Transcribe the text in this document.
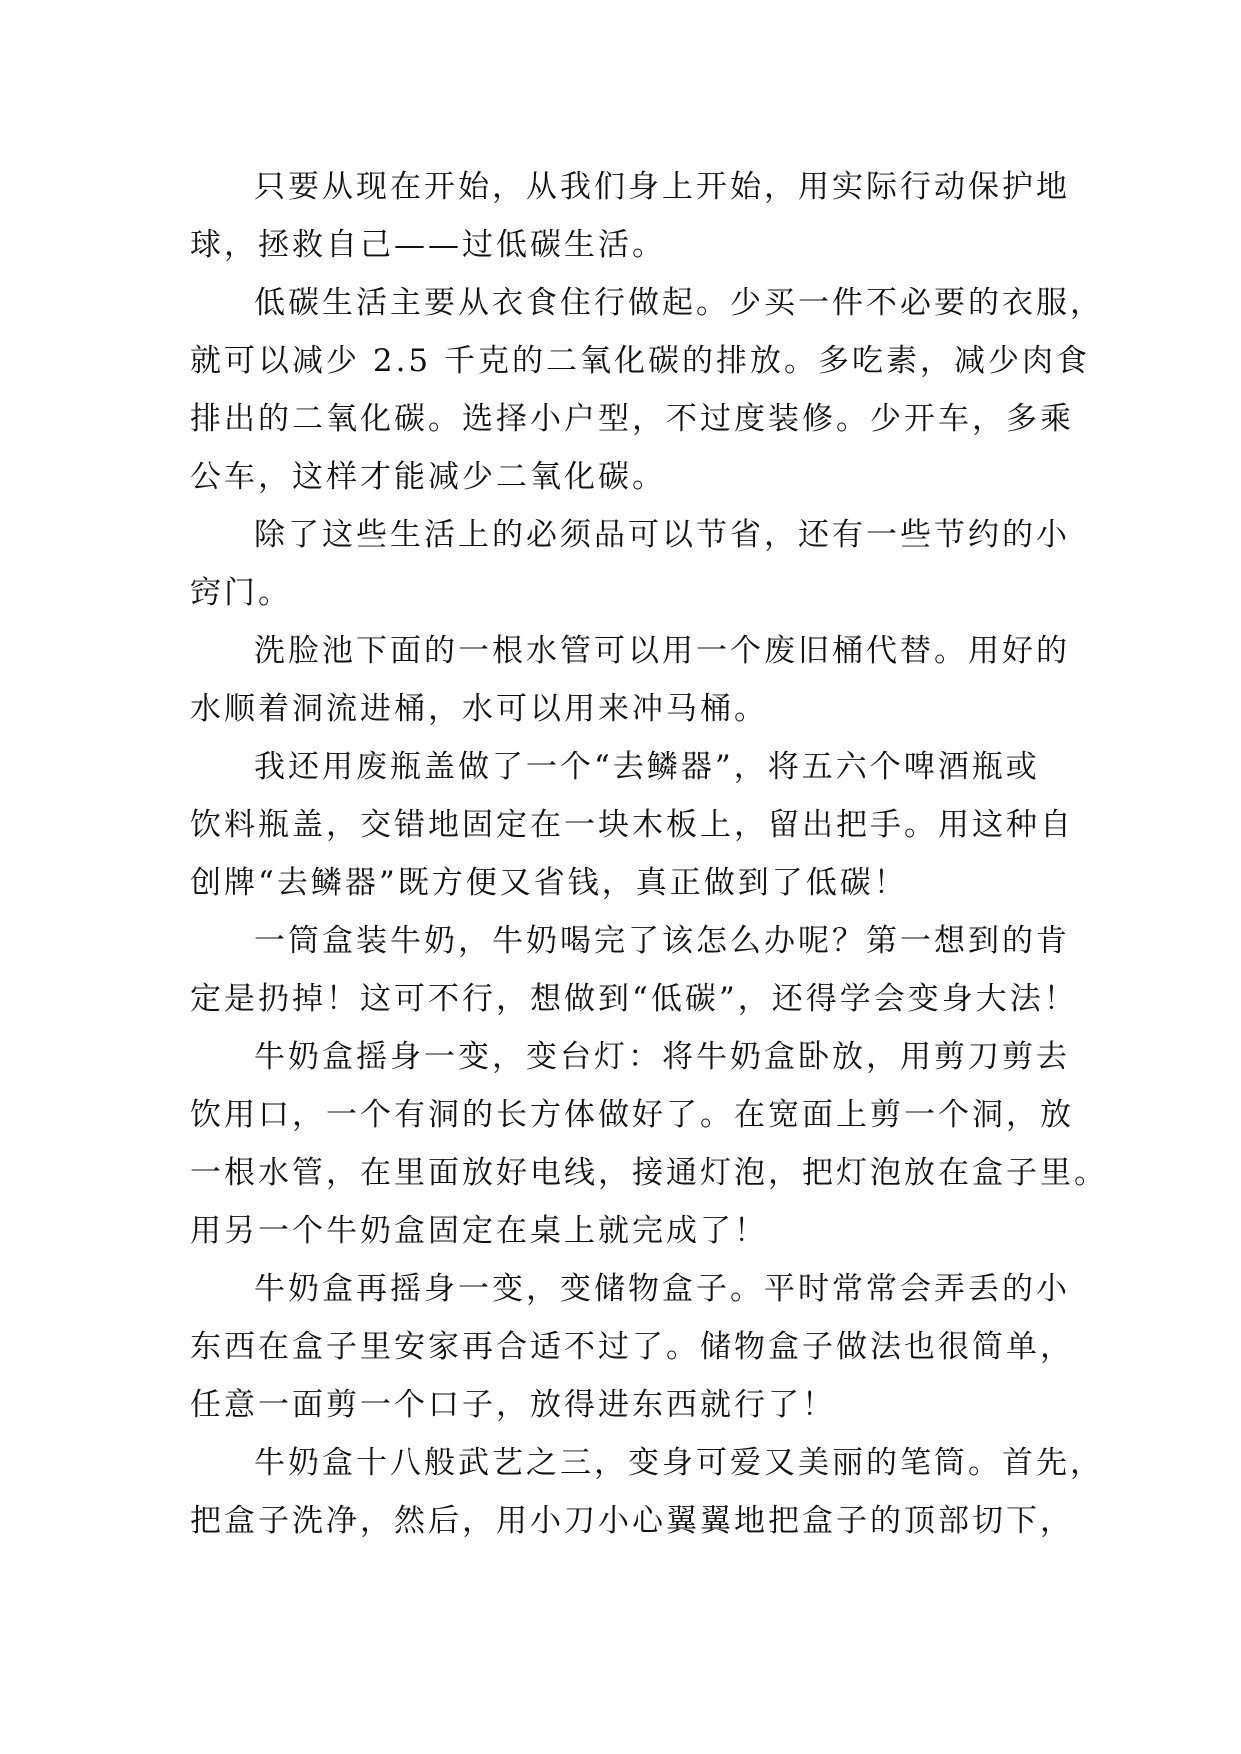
只要从现在开始，从我们身上开始，用实际行动保护地
球，拯救自己——过低碳生活。
低碳生活主要从衣食住行做起。少买一件不必要的衣服，
就可以减少 2.5 千克的二氧化碳的排放。多吃素，减少肉食
排出的二氧化碳。选择小户型，不过度装修。少开车，多乘
公车，这样才能减少二氧化碳。
除了这些生活上的必须品可以节省，还有一些节约的小
窍门。
洗脸池下面的一根水管可以用一个废旧桶代替。用好的
水顺着洞流进桶，水可以用来冲马桶。
我还用废瓶盖做了一个“去鳞器”，将五六个啤酒瓶或
饮料瓶盖，交错地固定在一块木板上，留出把手。用这种自
创牌“去鳞器”既方便又省钱，真正做到了低碳！
一筒盒装牛奶，牛奶喝完了该怎么办呢？第一想到的肯
定是扔掉！这可不行，想做到“低碳”，还得学会变身大法！
牛奶盒摇身一变，变台灯：将牛奶盒卧放，用剪刀剪去
饮用口，一个有洞的长方体做好了。在宽面上剪一个洞，放
一根水管，在里面放好电线，接通灯泡，把灯泡放在盒子里。
用另一个牛奶盒固定在桌上就完成了！
牛奶盒再摇身一变，变储物盒子。平时常常会弄丢的小
东西在盒子里安家再合适不过了。储物盒子做法也很简单，
任意一面剪一个口子，放得进东西就行了！
牛奶盒十八般武艺之三，变身可爱又美丽的笔筒。首先，
把盒子洗净，然后，用小刀小心翼翼地把盒子的顶部切下，
